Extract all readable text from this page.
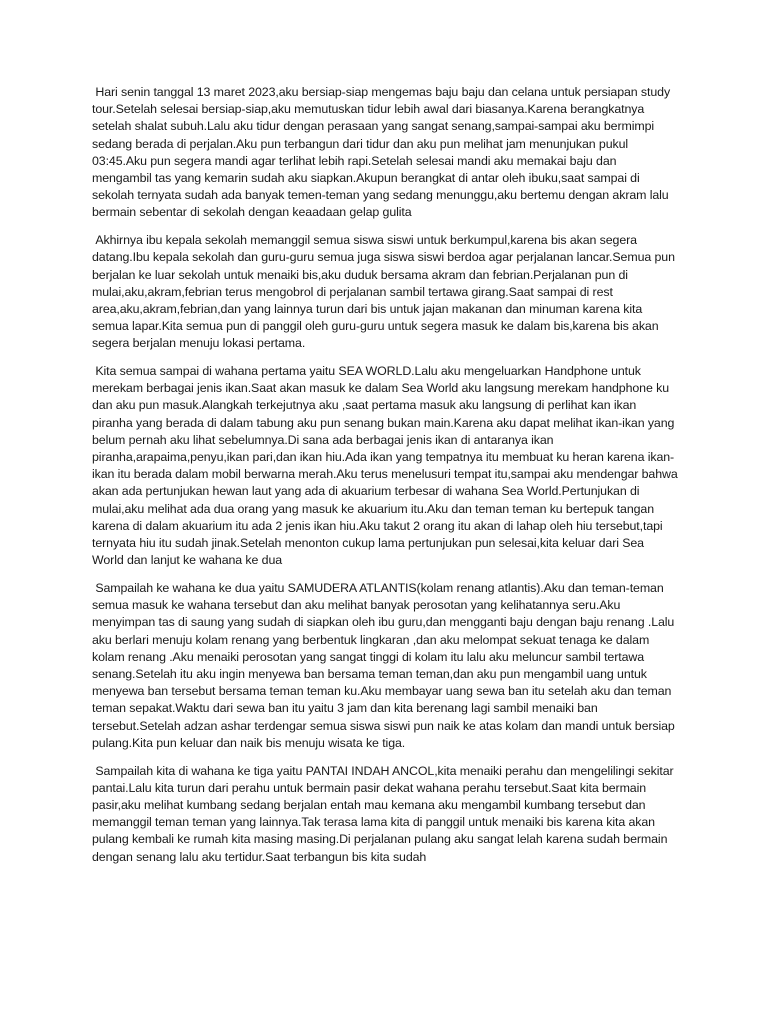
Hari senin tanggal 13 maret 2023,aku bersiap-siap mengemas baju baju dan celana untuk persiapan study tour.Setelah selesai bersiap-siap,aku memutuskan tidur lebih awal dari biasanya.Karena berangkatnya setelah shalat subuh.Lalu aku tidur dengan perasaan yang sangat senang,sampai-sampai aku bermimpi sedang berada di perjalan.Aku pun terbangun dari tidur dan aku pun melihat jam menunjukan pukul 03:45.Aku pun segera mandi agar terlihat lebih rapi.Setelah selesai mandi aku memakai baju dan mengambil tas yang kemarin sudah aku siapkan.Akupun berangkat di antar oleh ibuku,saat sampai di sekolah ternyata sudah ada banyak temen-teman yang sedang menunggu,aku bertemu dengan akram lalu bermain sebentar di sekolah dengan keaadaan gelap gulita

Akhirnya ibu kepala sekolah memanggil semua siswa siswi untuk berkumpul,karena bis akan segera datang.Ibu kepala sekolah dan guru-guru semua juga siswa siswi berdoa agar perjalanan lancar.Semua pun berjalan ke luar sekolah untuk menaiki bis,aku duduk bersama akram dan febrian.Perjalanan pun di mulai,aku,akram,febrian terus mengobrol di perjalanan sambil tertawa girang.Saat sampai di rest area,aku,akram,febrian,dan yang lainnya turun dari bis untuk jajan makanan dan minuman karena kita semua lapar.Kita semua pun di panggil oleh guru-guru untuk segera masuk ke dalam bis,karena bis akan segera berjalan menuju lokasi pertama.

Kita semua sampai di wahana pertama yaitu SEA WORLD.Lalu aku mengeluarkan Handphone untuk merekam berbagai jenis ikan.Saat akan masuk ke dalam Sea World aku langsung merekam handphone ku dan aku pun masuk.Alangkah terkejutnya aku ,saat pertama masuk aku langsung di perlihat kan ikan piranha yang berada di dalam tabung aku pun senang bukan main.Karena aku dapat melihat ikan-ikan yang belum pernah aku lihat sebelumnya.Di sana ada berbagai jenis ikan di antaranya ikan piranha,arapaima,penyu,ikan pari,dan ikan hiu.Ada ikan yang tempatnya itu membuat ku heran karena ikan-ikan itu berada dalam mobil berwarna merah.Aku terus menelusuri tempat itu,sampai aku mendengar bahwa akan ada pertunjukan hewan laut yang ada di akuarium terbesar di wahana Sea World.Pertunjukan di mulai,aku melihat ada dua orang yang masuk ke akuarium itu.Aku dan teman teman ku bertepuk tangan karena di dalam akuarium itu ada 2 jenis ikan hiu.Aku takut 2 orang itu akan di lahap oleh hiu tersebut,tapi ternyata hiu itu sudah jinak.Setelah menonton cukup lama pertunjukan pun selesai,kita keluar dari Sea World dan lanjut ke wahana ke dua

Sampailah ke wahana ke dua yaitu SAMUDERA ATLANTIS(kolam renang atlantis).Aku dan teman-teman semua masuk ke wahana tersebut dan aku melihat banyak perosotan yang kelihatannya seru.Aku menyimpan tas di saung yang sudah di siapkan oleh ibu guru,dan mengganti baju dengan baju renang .Lalu aku berlari menuju kolam renang yang berbentuk lingkaran ,dan aku melompat sekuat tenaga ke dalam kolam renang .Aku menaiki perosotan yang sangat tinggi di kolam itu lalu aku meluncur sambil tertawa senang.Setelah itu aku ingin menyewa ban bersama teman teman,dan aku pun mengambil uang untuk menyewa ban tersebut bersama teman teman ku.Aku membayar uang sewa ban itu setelah aku dan teman teman sepakat.Waktu dari sewa ban itu yaitu 3 jam dan kita berenang lagi sambil menaiki ban tersebut.Setelah adzan ashar terdengar semua siswa siswi pun naik ke atas kolam dan mandi untuk bersiap pulang.Kita pun keluar dan naik bis menuju wisata ke tiga.

Sampailah kita di wahana ke tiga yaitu PANTAI INDAH ANCOL,kita menaiki perahu dan mengelilingi sekitar pantai.Lalu kita turun dari perahu untuk bermain pasir dekat wahana perahu tersebut.Saat kita bermain pasir,aku melihat kumbang sedang berjalan entah mau kemana aku mengambil kumbang tersebut dan memanggil teman teman yang lainnya.Tak terasa lama kita di panggil untuk menaiki bis karena kita akan pulang kembali ke rumah kita masing masing.Di perjalanan pulang aku sangat lelah karena sudah bermain dengan senang lalu aku tertidur.Saat terbangun bis kita sudah
